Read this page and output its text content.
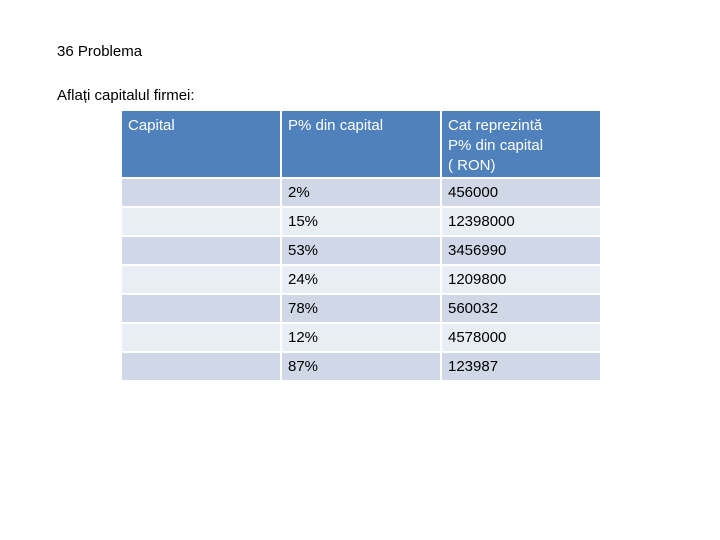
36 Problema
Aflați capitalul firmei:
Capital	P% din capital	Cat reprezintă
P% din capital
( RON)

	2%	456000
	15%	12398000
	53%	3456990
	24%	1209800
	78%	560032
	12%	4578000
	87%	123987
